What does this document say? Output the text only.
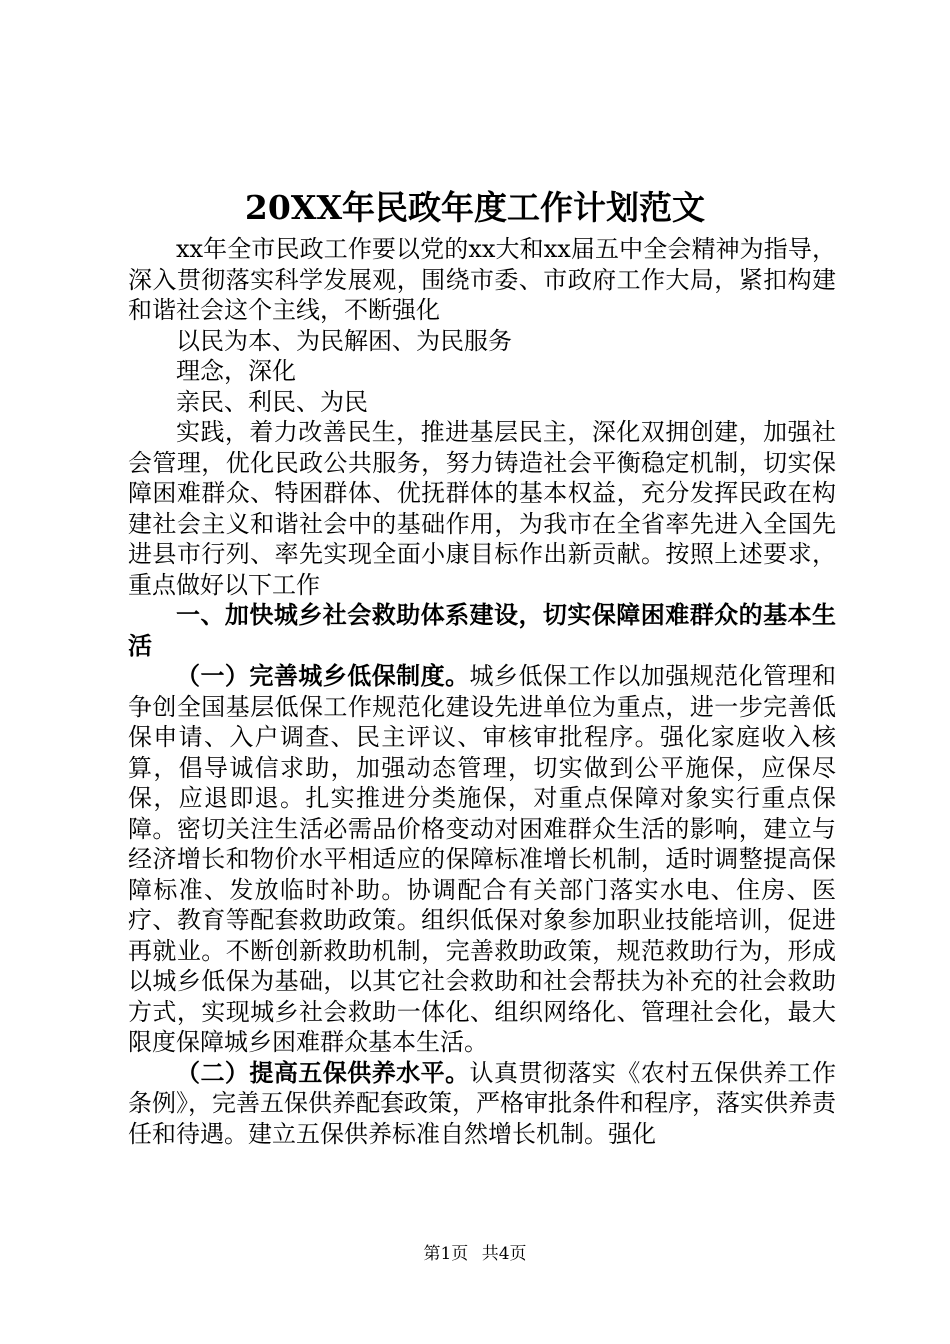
20XX年民政年度工作计划范文

xx年全市民政工作要以党的xx大和xx届五中全会精神为指导，深入贯彻落实科学发展观，围绕市委、市政府工作大局，紧扣构建和谐社会这个主线，不断强化

以民为本、为民解困、为民服务

理念，深化

亲民、利民、为民

实践，着力改善民生，推进基层民主，深化双拥创建，加强社会管理，优化民政公共服务，努力铸造社会平衡稳定机制，切实保障困难群众、特困群体、优抚群体的基本权益，充分发挥民政在构建社会主义和谐社会中的基础作用，为我市在全省率先进入全国先进县市行列、率先实现全面小康目标作出新贡献。按照上述要求，重点做好以下工作

一、加快城乡社会救助体系建设，切实保障困难群众的基本生活

（一）完善城乡低保制度。城乡低保工作以加强规范化管理和争创全国基层低保工作规范化建设先进单位为重点，进一步完善低保申请、入户调查、民主评议、审核审批程序。强化家庭收入核算，倡导诚信求助，加强动态管理，切实做到公平施保，应保尽保，应退即退。扎实推进分类施保，对重点保障对象实行重点保障。密切关注生活必需品价格变动对困难群众生活的影响，建立与经济增长和物价水平相适应的保障标准增长机制，适时调整提高保障标准、发放临时补助。协调配合有关部门落实水电、住房、医疗、教育等配套救助政策。组织低保对象参加职业技能培训，促进再就业。不断创新救助机制，完善救助政策，规范救助行为，形成以城乡低保为基础，以其它社会救助和社会帮扶为补充的社会救助方式，实现城乡社会救助一体化、组织网络化、管理社会化，最大限度保障城乡困难群众基本生活。

（二）提高五保供养水平。认真贯彻落实《农村五保供养工作条例》，完善五保供养配套政策，严格审批条件和程序，落实供养责任和待遇。建立五保供养标准自然增长机制。强化

第1页 共4页
